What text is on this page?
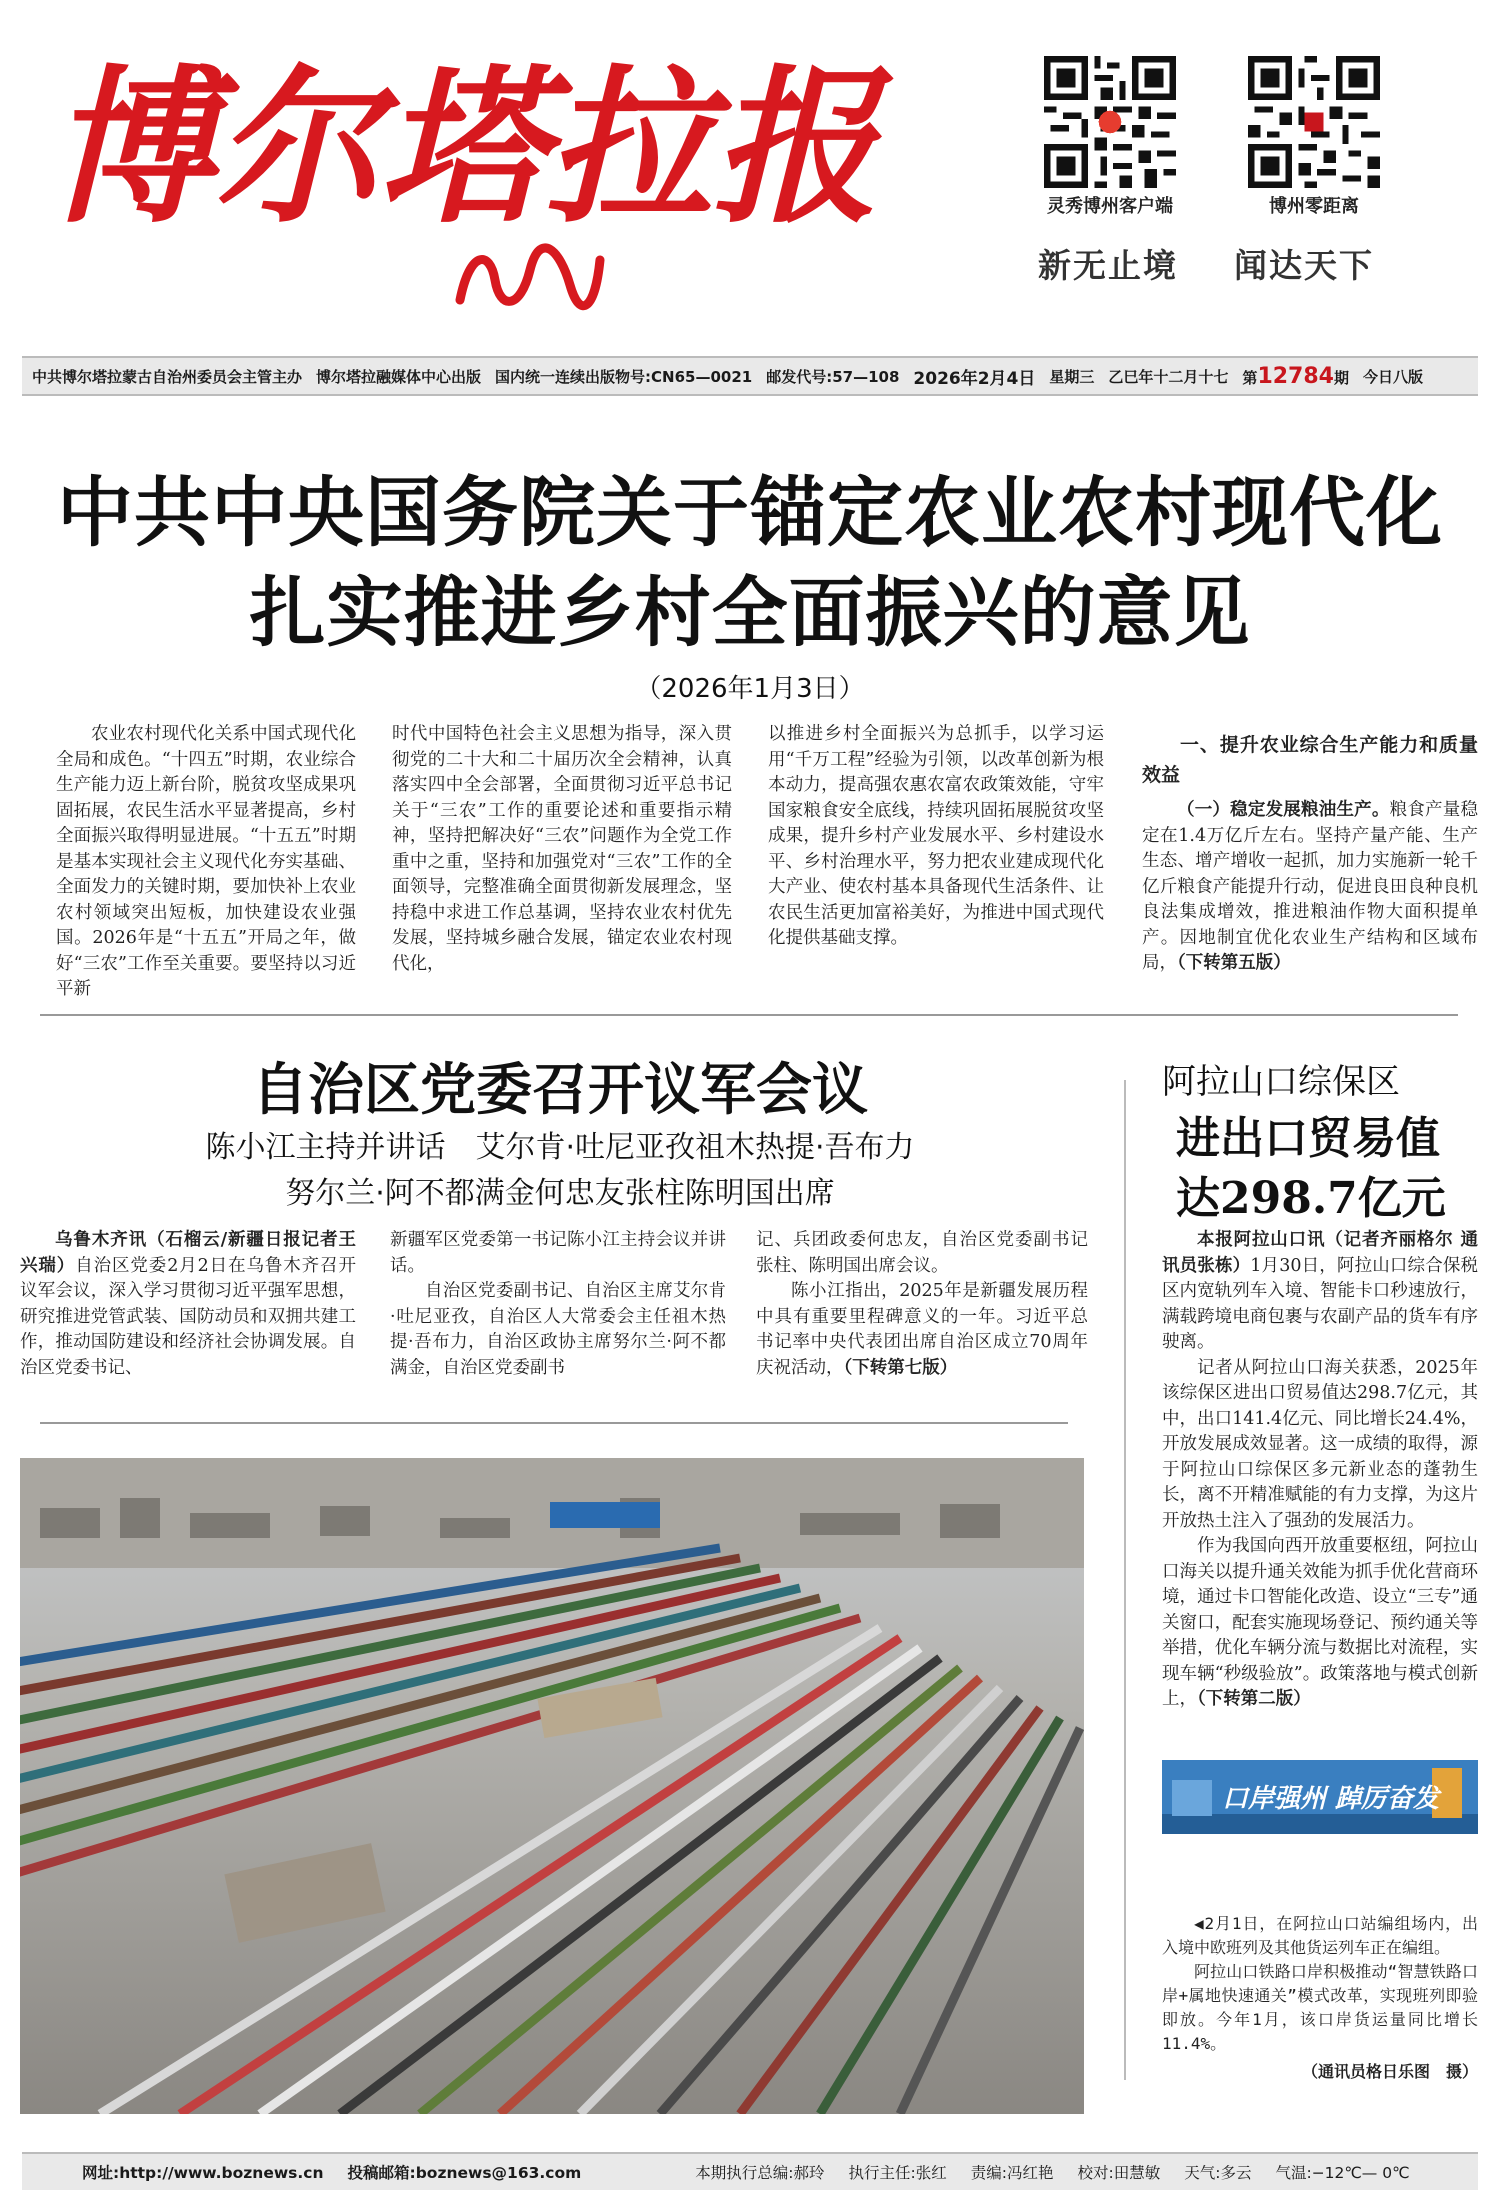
博尔塔拉报	灵秀博州客户端	博州零距离
新无止境 闻达天下
中共博尔塔拉蒙古自治州委员会主管主办 博尔塔拉融媒体中心出版 国内统一连续出版物号:CN65—0021 邮发代号:57—108 2026年2月4日 星期三 乙巳年十二月十七 第12784期 今日八版
中共中央国务院关于锚定农业农村现代化
扎实推进乡村全面振兴的意见
（2026年1月3日）

农业农村现代化关系中国式现代化全局和成色。“十四五”时期，农业综合生产能力迈上新台阶，脱贫攻坚成果巩固拓展，农民生活水平显著提高，乡村全面振兴取得明显进展。“十五五”时期是基本实现社会主义现代化夯实基础、全面发力的关键时期，要加快补上农业农村领域突出短板，加快建设农业强国。2026年是“十五五”开局之年，做好“三农”工作至关重要。要坚持以习近平新

时代中国特色社会主义思想为指导，深入贯彻党的二十大和二十届历次全会精神，认真落实四中全会部署，全面贯彻习近平总书记关于“三农”工作的重要论述和重要指示精神，坚持把解决好“三农”问题作为全党工作重中之重，坚持和加强党对“三农”工作的全面领导，完整准确全面贯彻新发展理念，坚持稳中求进工作总基调，坚持农业农村优先发展，坚持城乡融合发展，锚定农业农村现代化，

以推进乡村全面振兴为总抓手，以学习运用“千万工程”经验为引领，以改革创新为根本动力，提高强农惠农富农政策效能，守牢国家粮食安全底线，持续巩固拓展脱贫攻坚成果，提升乡村产业发展水平、乡村建设水平、乡村治理水平，努力把农业建成现代化大产业、使农村基本具备现代生活条件、让农民生活更加富裕美好，为推进中国式现代化提供基础支撑。

一、提升农业综合生产能力和质量效益

（一）稳定发展粮油生产。粮食产量稳定在1.4万亿斤左右。坚持产量产能、生产生态、增产增收一起抓，加力实施新一轮千亿斤粮食产能提升行动，促进良田良种良机良法集成增效，推进粮油作物大面积提单产。因地制宜优化农业生产结构和区域布局，（下转第五版）

自治区党委召开议军会议
陈小江主持并讲话　艾尔肯·吐尼亚孜祖木热提·吾布力
努尔兰·阿不都满金何忠友张柱陈明国出席

乌鲁木齐讯（石榴云/新疆日报记者王兴瑞）自治区党委2月2日在乌鲁木齐召开议军会议，深入学习贯彻习近平强军思想，研究推进党管武装、国防动员和双拥共建工作，推动国防建设和经济社会协调发展。自治区党委书记、

新疆军区党委第一书记陈小江主持会议并讲话。

自治区党委副书记、自治区主席艾尔肯·吐尼亚孜，自治区人大常委会主任祖木热提·吾布力，自治区政协主席努尔兰·阿不都满金，自治区党委副书

记、兵团政委何忠友，自治区党委副书记张柱、陈明国出席会议。

陈小江指出，2025年是新疆发展历程中具有重要里程碑意义的一年。习近平总书记率中央代表团出席自治区成立70周年庆祝活动，（下转第七版）

阿拉山口综保区
进出口贸易值
达298.7亿元

本报阿拉山口讯（记者齐丽格尔 通讯员张栋）1月30日，阿拉山口综合保税区内宽轨列车入境、智能卡口秒速放行，满载跨境电商包裹与农副产品的货车有序驶离。

记者从阿拉山口海关获悉，2025年该综保区进出口贸易值达298.7亿元，其中，出口141.4亿元、同比增长24.4%，开放发展成效显著。这一成绩的取得，源于阿拉山口综保区多元新业态的蓬勃生长，离不开精准赋能的有力支撑，为这片开放热土注入了强劲的发展活力。

作为我国向西开放重要枢纽，阿拉山口海关以提升通关效能为抓手优化营商环境，通过卡口智能化改造、设立“三专”通关窗口，配套实施现场登记、预约通关等举措，优化车辆分流与数据比对流程，实现车辆“秒级验放”。政策落地与模式创新上，（下转第二版）

口岸强州 踔厉奋发

◀2月1日，在阿拉山口站编组场内，出入境中欧班列及其他货运列车正在编组。

阿拉山口铁路口岸积极推动“智慧铁路口岸+属地快速通关”模式改革，实现班列即验即放。今年1月，该口岸货运量同比增长11.4%。

（通讯员格日乐图　摄）
网址:http://www.boznews.cn 投稿邮箱:boznews@163.com	本期执行总编:郝玲 执行主任:张红 责编:冯红艳 校对:田慧敏 天气:多云 气温:−12℃— 0℃
